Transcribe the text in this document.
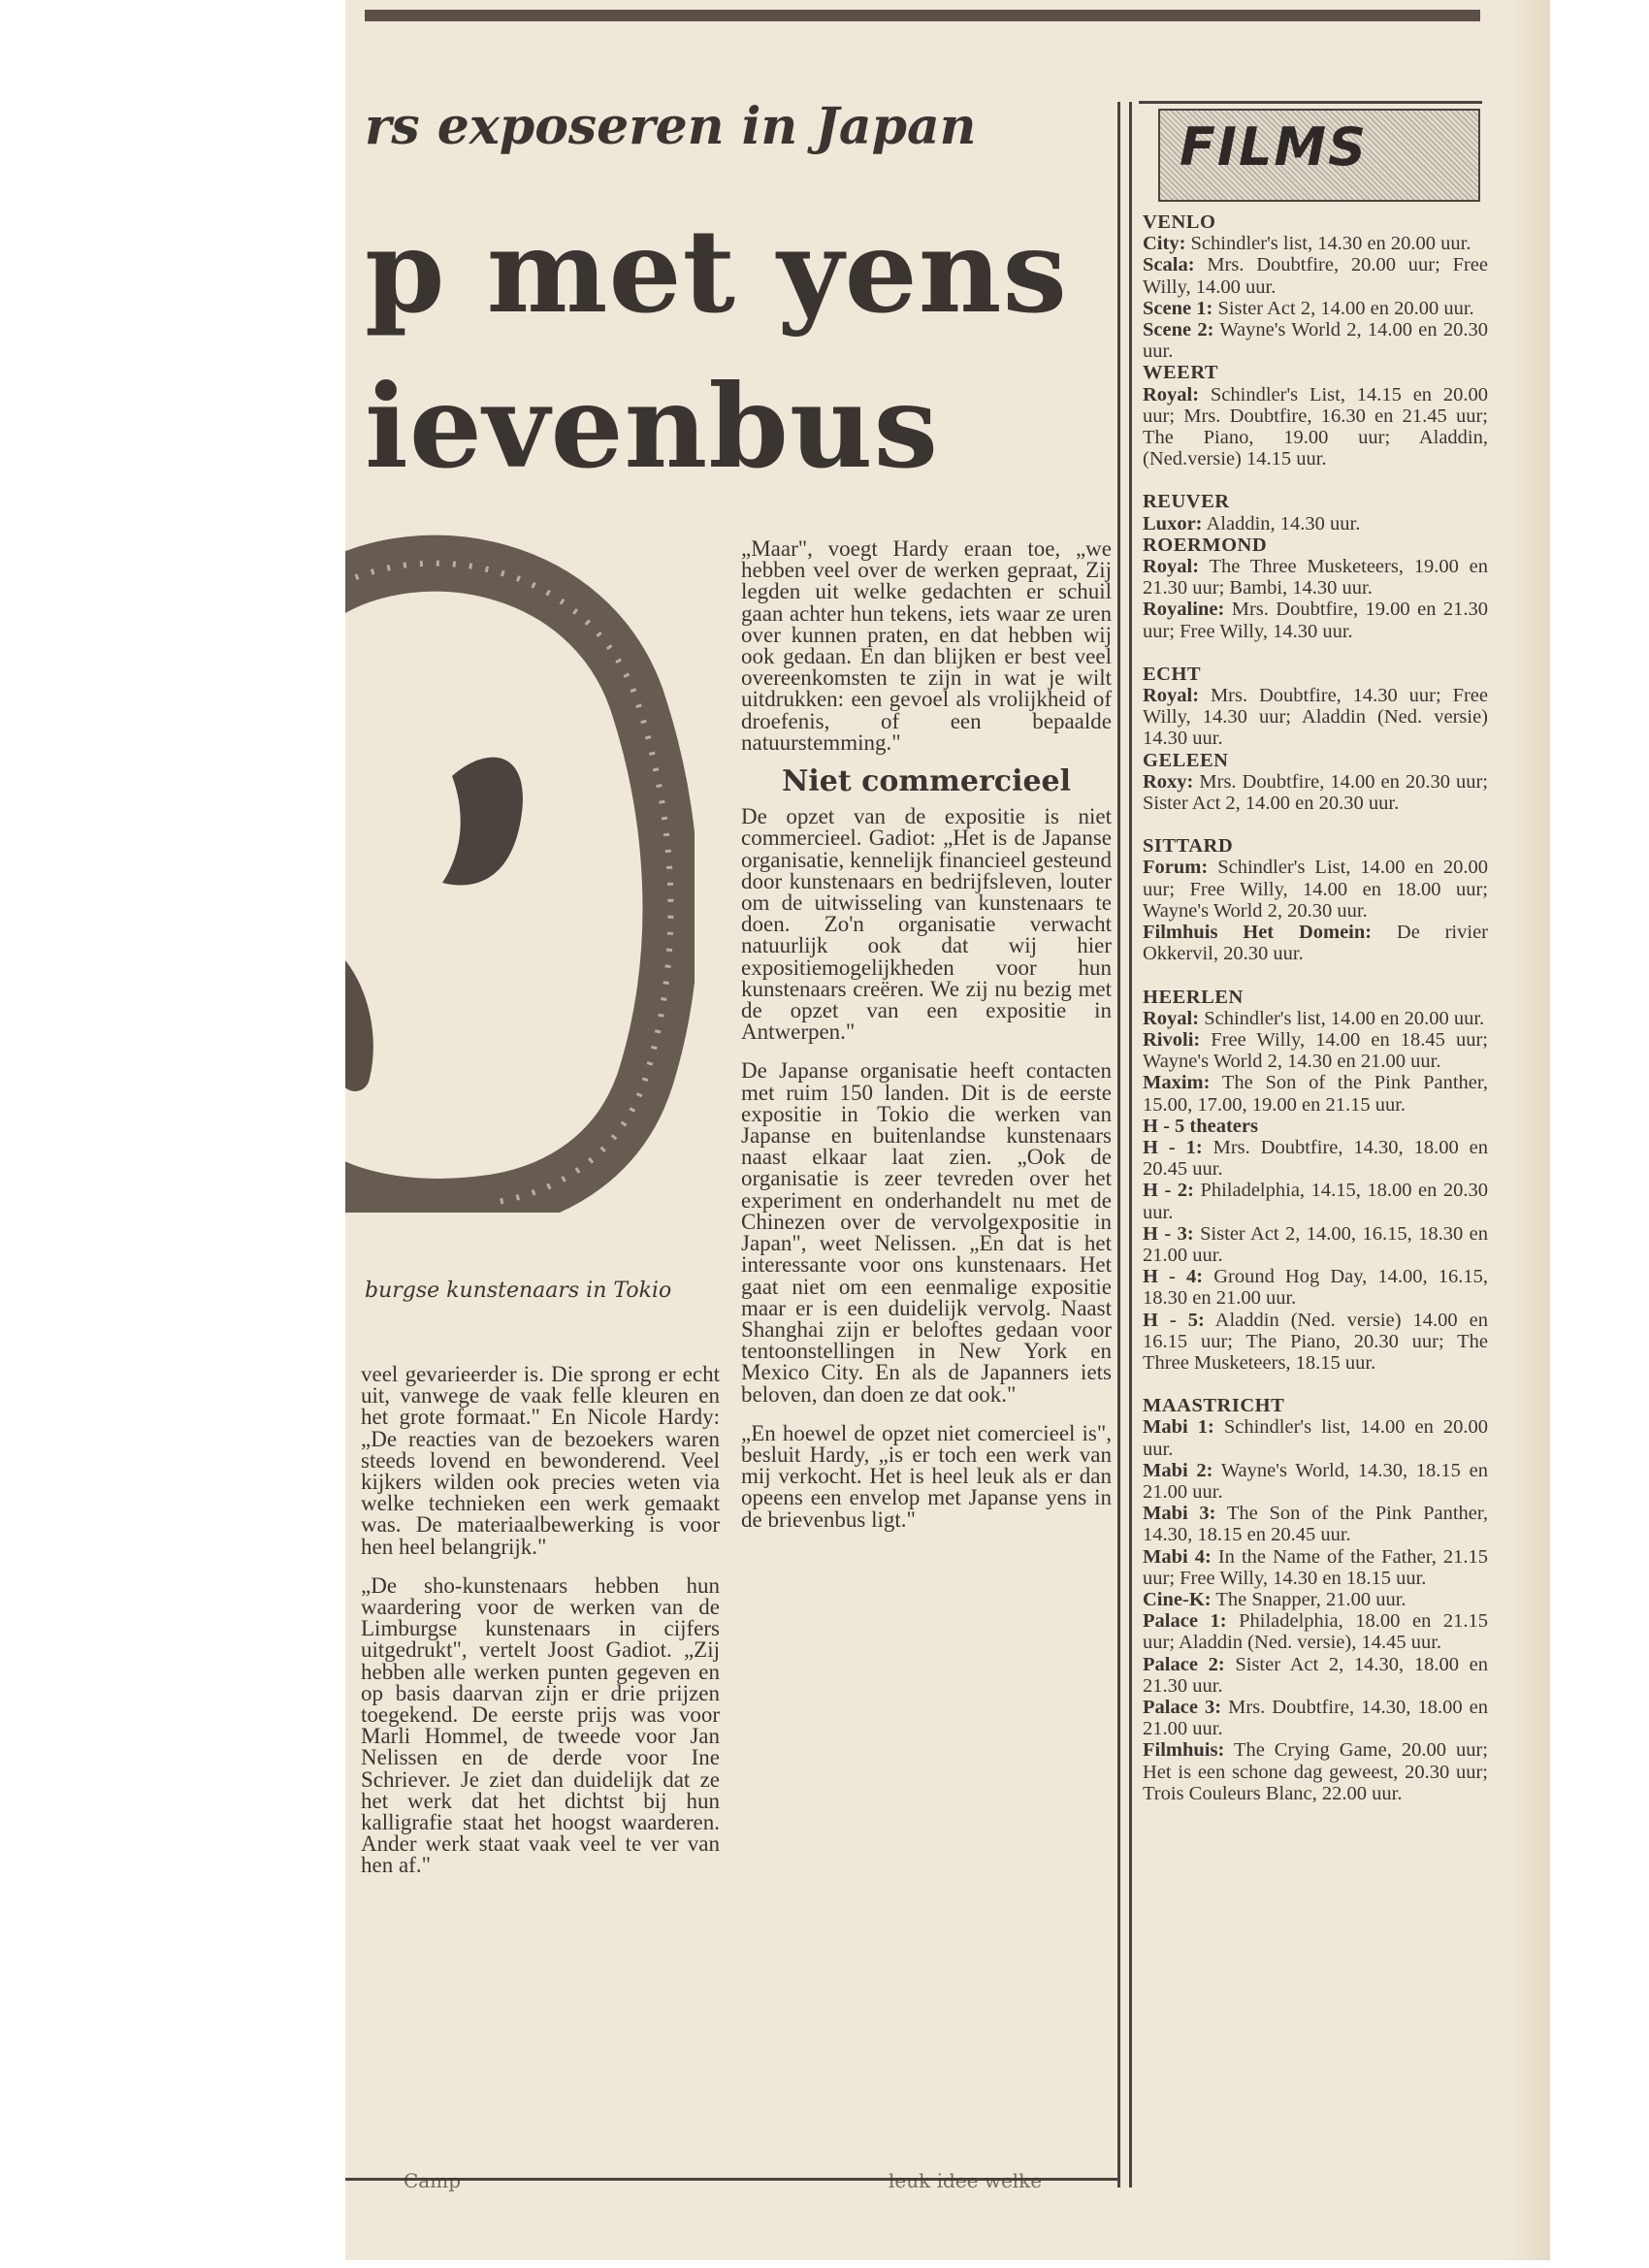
rs exposeren in Japan
p met yens
ievenbus
burgse kunstenaars in Tokio

veel gevarieerder is. Die sprong er echt uit, vanwege de vaak felle kleuren en het grote formaat." En Nicole Hardy: „De reacties van de bezoekers waren steeds lovend en bewonderend. Veel kijkers wilden ook precies weten via welke technieken een werk gemaakt was. De materiaalbewerking is voor hen heel belangrijk."

„De sho-kunstenaars hebben hun waardering voor de werken van de Limburgse kunstenaars in cijfers uitgedrukt", vertelt Joost Gadiot. „Zij hebben alle werken punten gegeven en op basis daarvan zijn er drie prijzen toegekend. De eerste prijs was voor Marli Hommel, de tweede voor Jan Nelissen en de derde voor Ine Schriever. Je ziet dan duidelijk dat ze het werk dat het dichtst bij hun kalligrafie staat het hoogst waarderen. Ander werk staat vaak veel te ver van hen af."

„Maar", voegt Hardy eraan toe, „we hebben veel over de werken gepraat, Zij legden uit welke gedachten er schuil gaan achter hun tekens, iets waar ze uren over kunnen praten, en dat hebben wij ook gedaan. En dan blijken er best veel overeenkomsten te zijn in wat je wilt uitdrukken: een gevoel als vrolijkheid of droefenis, of een bepaalde natuurstemming."

Niet commercieel

De opzet van de expositie is niet commercieel. Gadiot: „Het is de Japanse organisatie, kennelijk financieel gesteund door kunstenaars en bedrijfsleven, louter om de uitwisseling van kunstenaars te doen. Zo'n organisatie verwacht natuurlijk ook dat wij hier expositiemogelijkheden voor hun kunstenaars creëren. We zij nu bezig met de opzet van een expositie in Antwerpen."

De Japanse organisatie heeft contacten met ruim 150 landen. Dit is de eerste expositie in Tokio die werken van Japanse en buitenlandse kunstenaars naast elkaar laat zien. „Ook de organisatie is zeer tevreden over het experiment en onderhandelt nu met de Chinezen over de vervolgexpositie in Japan", weet Nelissen. „En dat is het interessante voor ons kunstenaars. Het gaat niet om een eenmalige expositie maar er is een duidelijk vervolg. Naast Shanghai zijn er beloftes gedaan voor tentoonstellingen in New York en Mexico City. En als de Japanners iets beloven, dan doen ze dat ook."

„En hoewel de opzet niet comercieel is", besluit Hardy, „is er toch een werk van mij verkocht. Het is heel leuk als er dan opeens een envelop met Japanse yens in de brievenbus ligt."

Camp	leuk idee welke
FILMS
VENLO
City: Schindler's list, 14.30 en 20.00 uur.
Scala: Mrs. Doubtfire, 20.00 uur; Free Willy, 14.00 uur.
Scene 1: Sister Act 2, 14.00 en 20.00 uur.
Scene 2: Wayne's World 2, 14.00 en 20.30 uur.
WEERT
Royal: Schindler's List, 14.15 en 20.00 uur; Mrs. Doubtfire, 16.30 en 21.45 uur; The Piano, 19.00 uur; Aladdin, (Ned.versie) 14.15 uur.
REUVER
Luxor: Aladdin, 14.30 uur.
ROERMOND
Royal: The Three Musketeers, 19.00 en 21.30 uur; Bambi, 14.30 uur.
Royaline: Mrs. Doubtfire, 19.00 en 21.30 uur; Free Willy, 14.30 uur.
ECHT
Royal: Mrs. Doubtfire, 14.30 uur; Free Willy, 14.30 uur; Aladdin (Ned. versie) 14.30 uur.
GELEEN
Roxy: Mrs. Doubtfire, 14.00 en 20.30 uur; Sister Act 2, 14.00 en 20.30 uur.
SITTARD
Forum: Schindler's List, 14.00 en 20.00 uur; Free Willy, 14.00 en 18.00 uur; Wayne's World 2, 20.30 uur.
Filmhuis Het Domein: De rivier Okkervil, 20.30 uur.
HEERLEN
Royal: Schindler's list, 14.00 en 20.00 uur.
Rivoli: Free Willy, 14.00 en 18.45 uur; Wayne's World 2, 14.30 en 21.00 uur.
Maxim: The Son of the Pink Panther, 15.00, 17.00, 19.00 en 21.15 uur.
H - 5 theaters
H - 1: Mrs. Doubtfire, 14.30, 18.00 en 20.45 uur.
H - 2: Philadelphia, 14.15, 18.00 en 20.30 uur.
H - 3: Sister Act 2, 14.00, 16.15, 18.30 en 21.00 uur.
H - 4: Ground Hog Day, 14.00, 16.15, 18.30 en 21.00 uur.
H - 5: Aladdin (Ned. versie) 14.00 en 16.15 uur; The Piano, 20.30 uur; The Three Musketeers, 18.15 uur.
MAASTRICHT
Mabi 1: Schindler's list, 14.00 en 20.00 uur.
Mabi 2: Wayne's World, 14.30, 18.15 en 21.00 uur.
Mabi 3: The Son of the Pink Panther, 14.30, 18.15 en 20.45 uur.
Mabi 4: In the Name of the Father, 21.15 uur; Free Willy, 14.30 en 18.15 uur.
Cine-K: The Snapper, 21.00 uur.
Palace 1: Philadelphia, 18.00 en 21.15 uur; Aladdin (Ned. versie), 14.45 uur.
Palace 2: Sister Act 2, 14.30, 18.00 en 21.30 uur.
Palace 3: Mrs. Doubtfire, 14.30, 18.00 en 21.00 uur.
Filmhuis: The Crying Game, 20.00 uur; Het is een schone dag geweest, 20.30 uur; Trois Couleurs Blanc, 22.00 uur.
